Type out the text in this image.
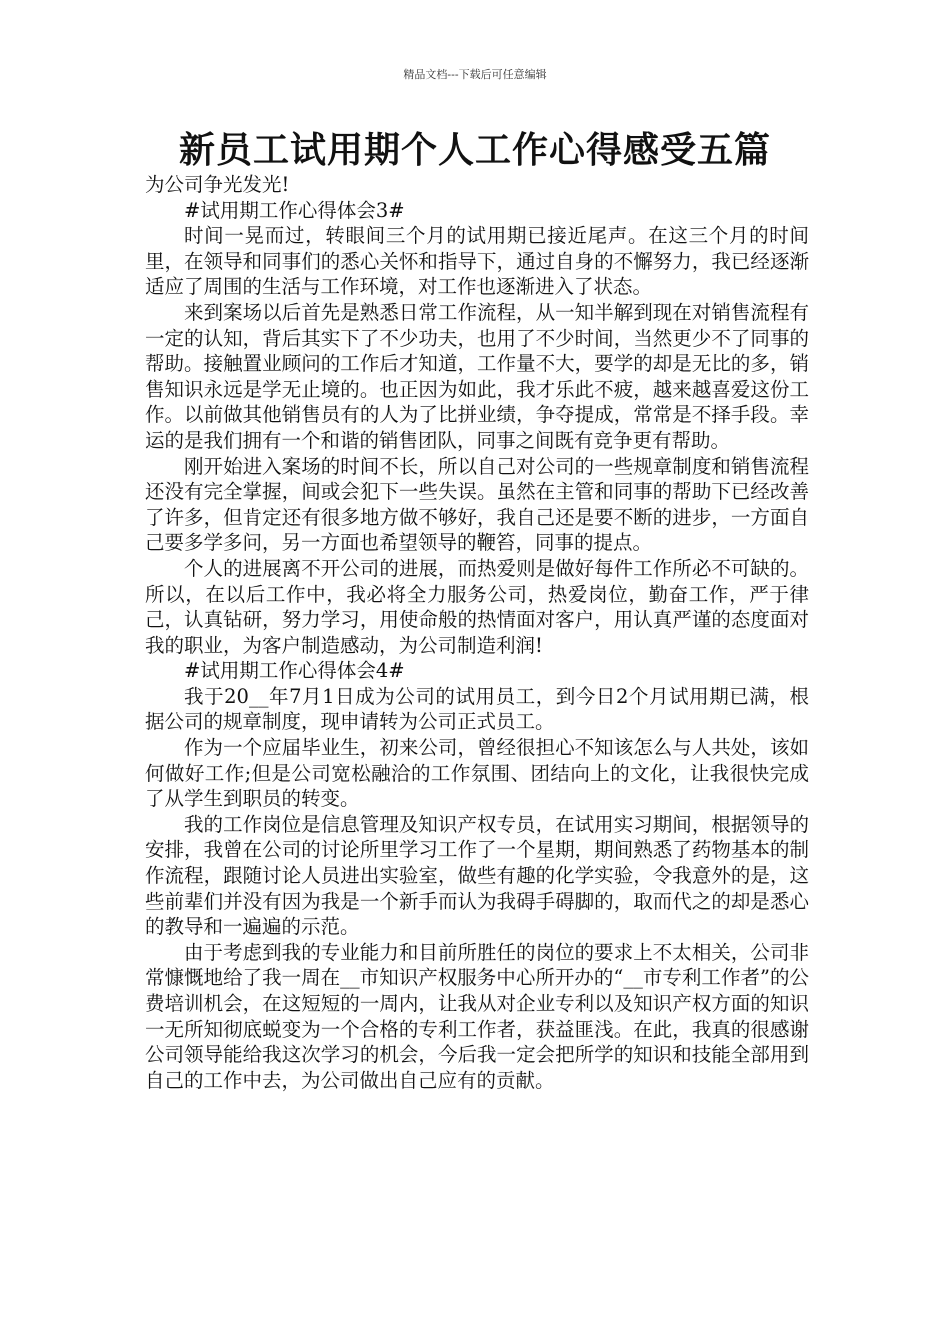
精品文档---下载后可任意编辑
新员工试用期个人工作心得感受五篇

为公司争光发光!

#试用期工作心得体会3#

时间一晃而过，转眼间三个月的试用期已接近尾声。在这三个月的时间里，在领导和同事们的悉心关怀和指导下，通过自身的不懈努力，我已经逐渐适应了周围的生活与工作环境，对工作也逐渐进入了状态。

来到案场以后首先是熟悉日常工作流程，从一知半解到现在对销售流程有一定的认知，背后其实下了不少功夫，也用了不少时间，当然更少不了同事的帮助。接触置业顾问的工作后才知道，工作量不大，要学的却是无比的多，销售知识永远是学无止境的。也正因为如此，我才乐此不疲，越来越喜爱这份工作。以前做其他销售员有的人为了比拼业绩，争夺提成，常常是不择手段。幸运的是我们拥有一个和谐的销售团队，同事之间既有竞争更有帮助。

刚开始进入案场的时间不长，所以自己对公司的一些规章制度和销售流程还没有完全掌握，间或会犯下一些失误。虽然在主管和同事的帮助下已经改善了许多，但肯定还有很多地方做不够好，我自己还是要不断的进步，一方面自己要多学多问，另一方面也希望领导的鞭笞，同事的提点。

个人的进展离不开公司的进展，而热爱则是做好每件工作所必不可缺的。所以，在以后工作中，我必将全力服务公司，热爱岗位，勤奋工作，严于律己，认真钻研，努力学习，用使命般的热情面对客户，用认真严谨的态度面对我的职业，为客户制造感动，为公司制造利润!

#试用期工作心得体会4#

我于20__年7月1日成为公司的试用员工，到今日2个月试用期已满，根据公司的规章制度，现申请转为公司正式员工。

作为一个应届毕业生，初来公司，曾经很担心不知该怎么与人共处，该如何做好工作;但是公司宽松融洽的工作氛围、团结向上的文化，让我很快完成了从学生到职员的转变。

我的工作岗位是信息管理及知识产权专员，在试用实习期间，根据领导的安排，我曾在公司的讨论所里学习工作了一个星期，期间熟悉了药物基本的制作流程，跟随讨论人员进出实验室，做些有趣的化学实验，令我意外的是，这些前辈们并没有因为我是一个新手而认为我碍手碍脚的，取而代之的却是悉心的教导和一遍遍的示范。

由于考虑到我的专业能力和目前所胜任的岗位的要求上不太相关，公司非常慷慨地给了我一周在__市知识产权服务中心所开办的“__市专利工作者”的公费培训机会，在这短短的一周内，让我从对企业专利以及知识产权方面的知识一无所知彻底蜕变为一个合格的专利工作者，获益匪浅。在此，我真的很感谢公司领导能给我这次学习的机会，今后我一定会把所学的知识和技能全部用到自己的工作中去，为公司做出自己应有的贡献。
